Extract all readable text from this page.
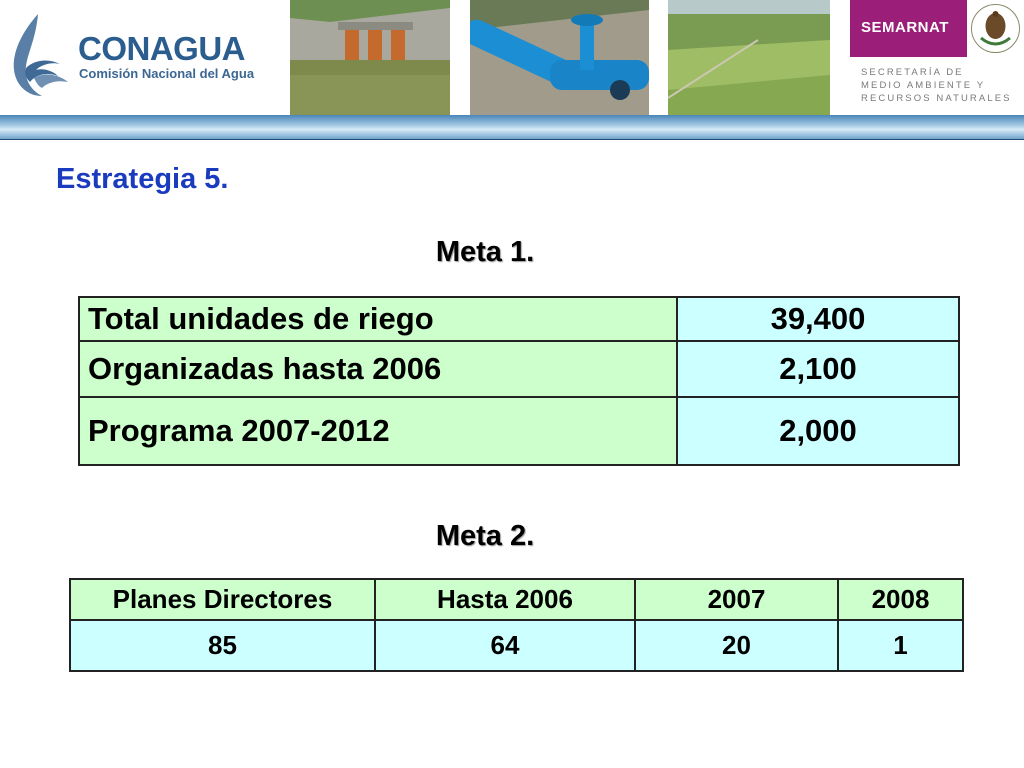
CONAGUA
Comisión Nacional del Agua
SEMARNAT
SECRETARÍA DE
MEDIO AMBIENTE Y
RECURSOS NATURALES
Estrategia 5.
Meta 1.
Total unidades de riego	39,400
Organizadas hasta 2006	2,100
Programa 2007-2012	2,000
Meta 2.
Planes Directores	Hasta 2006	2007	2008
85	64	20	1
